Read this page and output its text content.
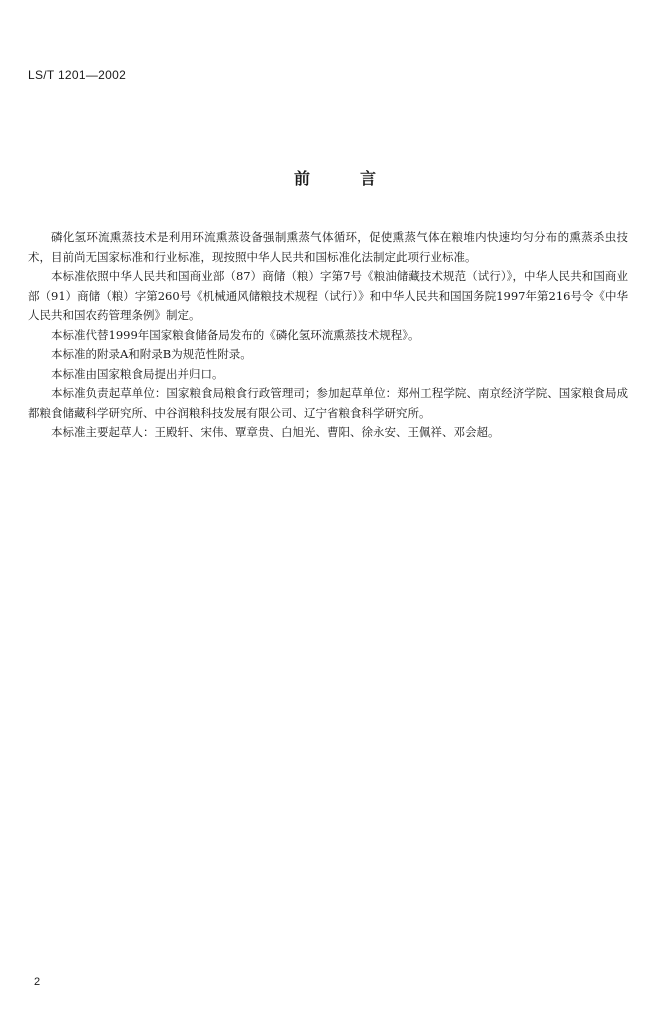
LS/T 1201—2002
前言

磷化氢环流熏蒸技术是利用环流熏蒸设备强制熏蒸气体循环，促使熏蒸气体在粮堆内快速均匀分布的熏蒸杀虫技术，目前尚无国家标准和行业标准，现按照中华人民共和国标准化法制定此项行业标准。

本标准依照中华人民共和国商业部（87）商储（粮）字第7号《粮油储藏技术规范（试行）》，中华人民共和国商业部（91）商储（粮）字第260号《机械通风储粮技术规程（试行）》和中华人民共和国国务院1997年第216号令《中华人民共和国农药管理条例》制定。

本标准代替1999年国家粮食储备局发布的《磷化氢环流熏蒸技术规程》。

本标准的附录A和附录B为规范性附录。

本标准由国家粮食局提出并归口。

本标准负责起草单位：国家粮食局粮食行政管理司；参加起草单位：郑州工程学院、南京经济学院、国家粮食局成都粮食储藏科学研究所、中谷润粮科技发展有限公司、辽宁省粮食科学研究所。

本标准主要起草人：王殿轩、宋伟、覃章贵、白旭光、曹阳、徐永安、王佩祥、邓会超。

2
